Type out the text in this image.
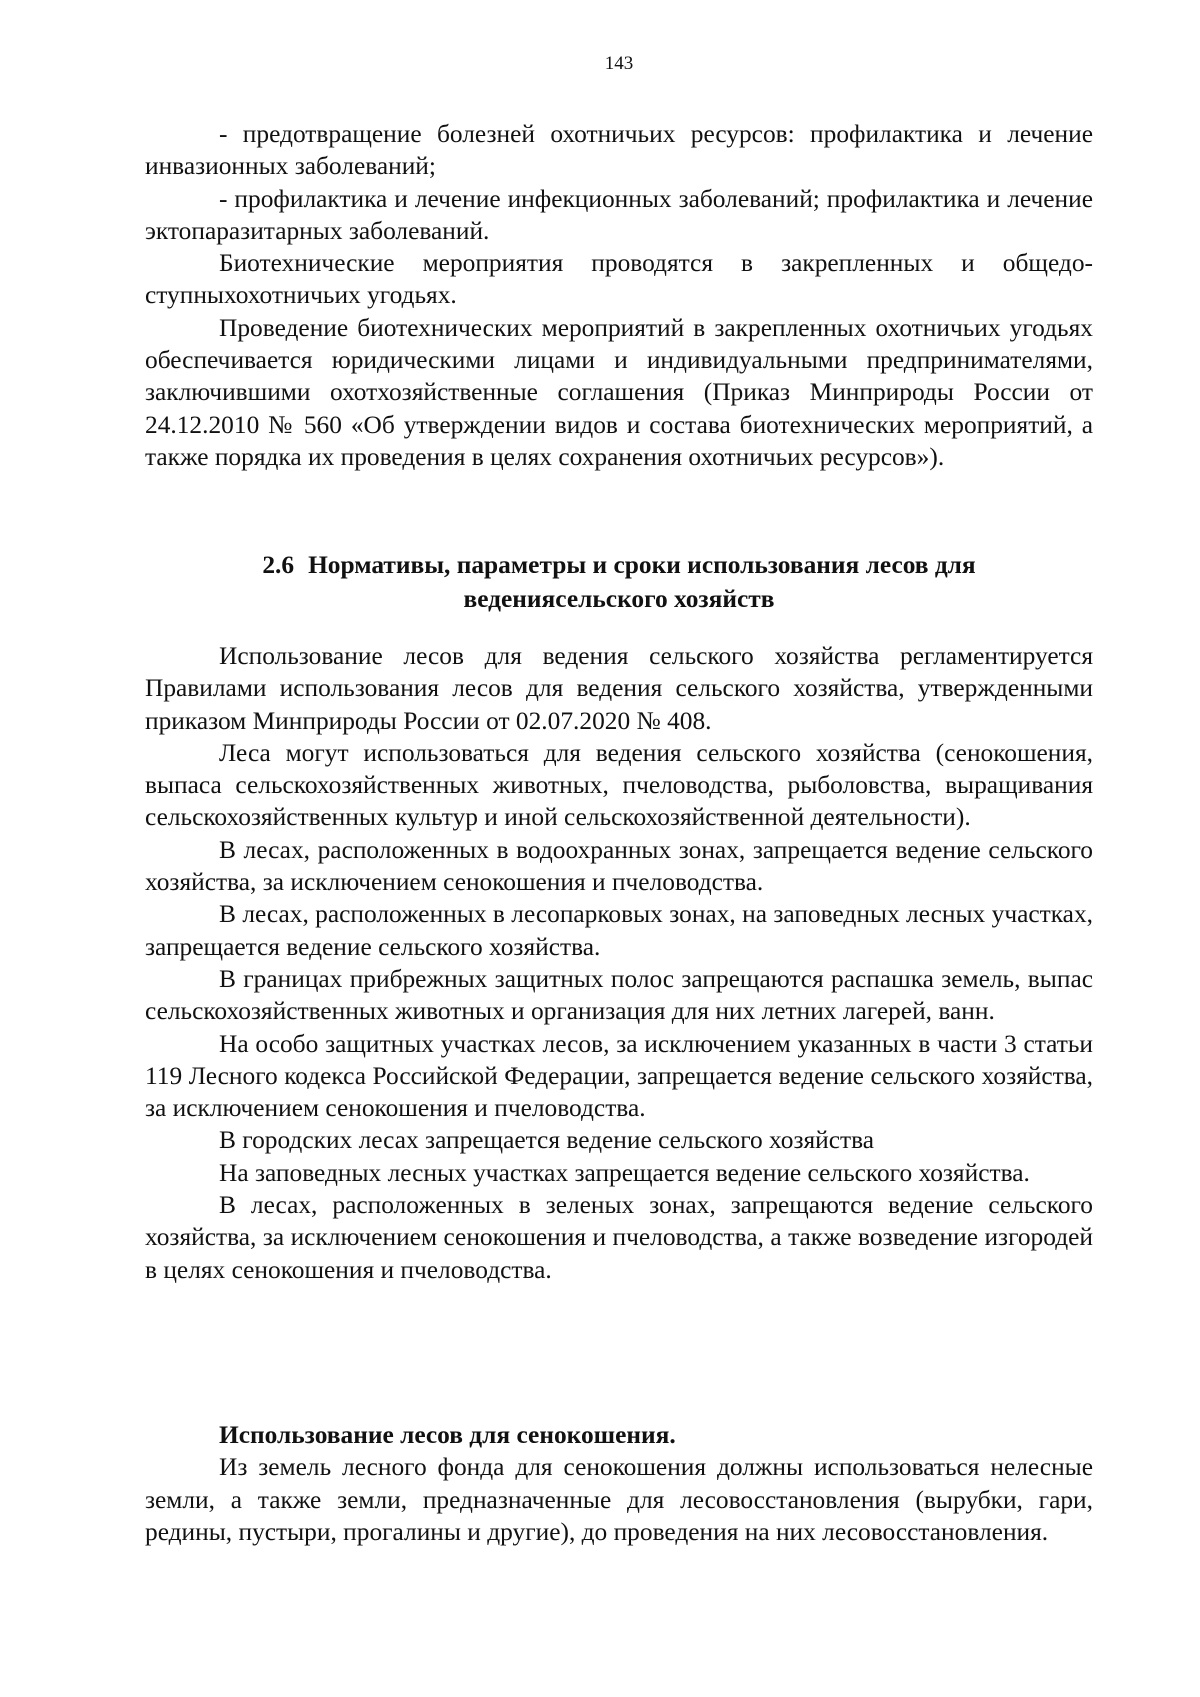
143

- предотвращение болезней охотничьих ресурсов: профилактика и лечение инвазионных заболеваний;

- профилактика и лечение инфекционных заболеваний; профилактика и лечение эктопаразитарных заболеваний.

Биотехнические мероприятия проводятся в закрепленных и общедоступныхохотничьих угодьях.

Проведение биотехнических мероприятий в закрепленных охотничьих угодьях обеспечивается юридическими лицами и индивидуальными предпринимателями, заключившими охотхозяйственные соглашения (Приказ Минприроды России от 24.12.2010 № 560 «Об утверждении видов и состава биотехнических мероприятий, а также порядка их проведения в целях сохранения охотничьих ресурсов»).

2.6 Нормативы, параметры и сроки использования лесов для
ведениясельского хозяйств

Использование лесов для ведения сельского хозяйства регламентируется Правилами использования лесов для ведения сельского хозяйства, утвержденными приказом Минприроды России от 02.07.2020 № 408.

Леса могут использоваться для ведения сельского хозяйства (сенокошения, выпаса сельскохозяйственных животных, пчеловодства, рыболовства, выращивания сельскохозяйственных культур и иной сельскохозяйственной деятельности).

В лесах, расположенных в водоохранных зонах, запрещается ведение сельского хозяйства, за исключением сенокошения и пчеловодства.

В лесах, расположенных в лесопарковых зонах, на заповедных лесных участках, запрещается ведение сельского хозяйства.

В границах прибрежных защитных полос запрещаются распашка земель, выпас сельскохозяйственных животных и организация для них летних лагерей, ванн.

На особо защитных участках лесов, за исключением указанных в части 3 статьи 119 Лесного кодекса Российской Федерации, запрещается ведение сельского хозяйства, за исключением сенокошения и пчеловодства.

В городских лесах запрещается ведение сельского хозяйства

На заповедных лесных участках запрещается ведение сельского хозяйства.

В лесах, расположенных в зеленых зонах, запрещаются ведение сельского хозяйства, за исключением сенокошения и пчеловодства, а также возведение изгородей в целях сенокошения и пчеловодства.

Использование лесов для сенокошения.

Из земель лесного фонда для сенокошения должны использоваться нелесные земли, а также земли, предназначенные для лесовосстановления (вырубки, гари, редины, пустыри, прогалины и другие), до проведения на них лесовосстановления.
